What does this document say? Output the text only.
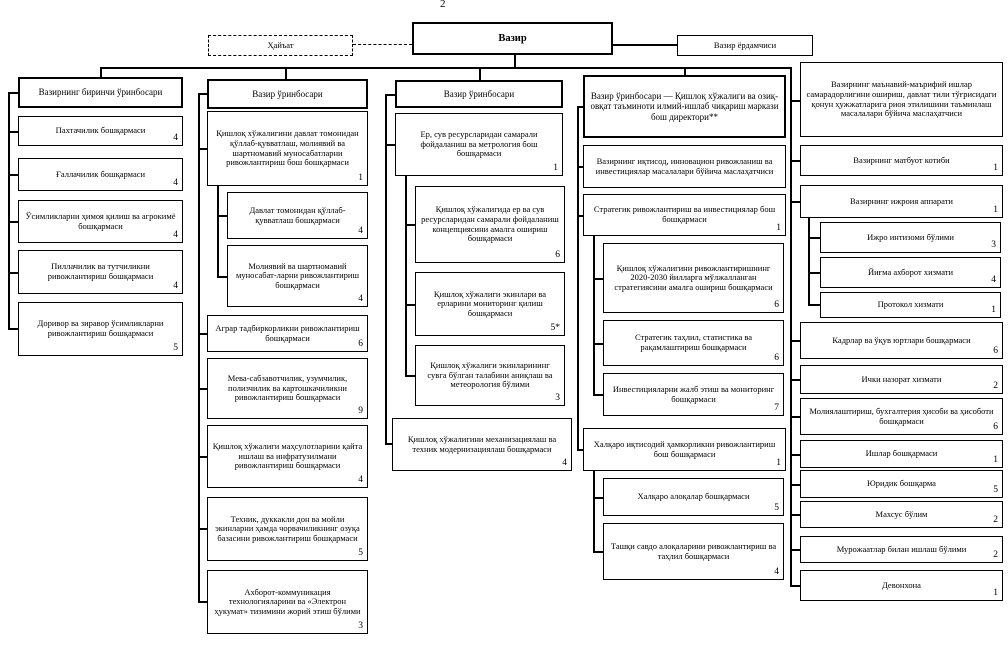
2
Ҳайъат
Вазир
Вазир ёрдамчиси
Вазирнинг биринчи ўринбосари
Пахтачилик бошқармаси
4
Ғаллачилик бошқармаси
4
Ўсимликларни ҳимоя қилиш ва агрокимё бошқармаси
4
Пиллачилик ва тутчиликни ривожлантириш бошқармаси
4
Доривор ва зиравор ўсимликларни ривожлантириш бошқармаси
5
Вазир ўринбосари
Қишлоқ хўжалигини давлат томонидан қўллаб-қувватлаш, молиявий ва шартномавий муносабатларни ривожлантириш бош бошқармаси
1
Давлат томонидан қўллаб-қувватлаш бошқармаси
4
Молиявий ва шартномавий муносабат-ларни ривожлантириш бошқармаси
4
Аграр тадбиркорликни ривожлантириш бошқармаси
6
Мева-сабзавотчилик, узумчилик, полизчилик ва картошкачиликни ривожлантириш бошқармаси
9
Қишлоқ хўжалиги маҳсулотларини қайта ишлаш ва инфратузилмани ривожлантириш бошқармаси
4
Техник, дуккакли дон ва мойли экинларни ҳамда чорвачиликнинг озуқа базасини ривожлантириш бошқармаси
5
Ахборот-коммуникация технологияларини ва «Электрон ҳукумат» тизимини жорий этиш бўлими
3
Вазир ўринбосари
Ер, сув ресурсларидан самарали фойдаланиш ва метрология бош бошқармаси
1
Қишлоқ хўжалигида ер ва сув ресурсларидан самарали фойдаланиш концепциясини амалга ошириш бошқармаси
6
Қишлоқ хўжалиги экинлари ва ерларини мониторинг қилиш бошқармаси
5*
Қишлоқ хўжалиги экинларининг сувга бўлган талабини аниқлаш ва метеорология бўлими
3
Қишлоқ хўжалигини механизациялаш ва техник модернизациялаш бошқармаси
4
Вазир ўринбосари — Қишлоқ хўжалиги ва озиқ-овқат таъминоти илмий-ишлаб чиқариш маркази бош директори**
Вазирнинг иқтисод, инновацион ривожланиш ва инвестициялар масалалари бўйича маслаҳатчиси
Стратегик ривожлантириш ва инвестициялар бош бошқармаси
1
Қишлоқ хўжалигини ривожлантиришнинг 2020-2030 йилларга мўлжалланган стратегиясини амалга ошириш бошқармаси
6
Стратегик таҳлил, статистика ва рақамлаштириш бошқармаси
6
Инвестицияларни жалб этиш ва мониторинг бошқармаси
7
Халқаро иқтисодий ҳамкорликни ривожлантириш бош бошқармаси
1
Халқаро алоқалар бошқармаси
5
Ташқи савдо алоқаларини ривожлантириш ва таҳлил бошқармаси
4
Вазирнинг маънавий-маърифий ишлар самарадорлигини ошириш, давлат тили тўғрисидаги қонун ҳужжатларига риоя этилишини таъминлаш масалалари бўйича маслаҳатчиси
Вазирнинг матбуот котиби
1
Вазирнинг ижроия аппарати
1
Ижро интизоми бўлими
3
Йиғма ахборот хизмати
4
Протокол хизмати
1
Кадрлар ва ўқув юртлари бошқармаси
6
Ички назорат хизмати
2
Молиялаштириш, бухгалтерия ҳисоби ва ҳисоботи бошқармаси
6
Ишлар бошқармаси
1
Юридик бошқарма
5
Махсус бўлим
2
Мурожаатлар билан ишлаш бўлими
2
Девонхона
1
